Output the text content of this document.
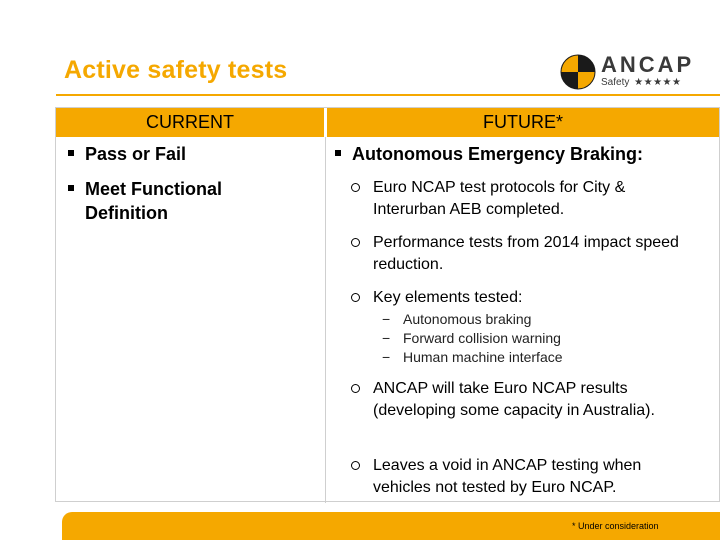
Active safety tests	ANCAP
Safety ★★★★★
CURRENT	FUTURE*
Pass or Fail
Meet Functional Definition
Autonomous Emergency Braking:
Euro NCAP test protocols for City & Interurban AEB completed.
Performance tests from 2014 impact speed reduction.
Key elements tested:
− Autonomous braking
− Forward collision warning
− Human machine interface
ANCAP will take Euro NCAP results (developing some capacity in Australia).
Leaves a void in ANCAP testing when vehicles not tested by Euro NCAP.
* Under consideration
